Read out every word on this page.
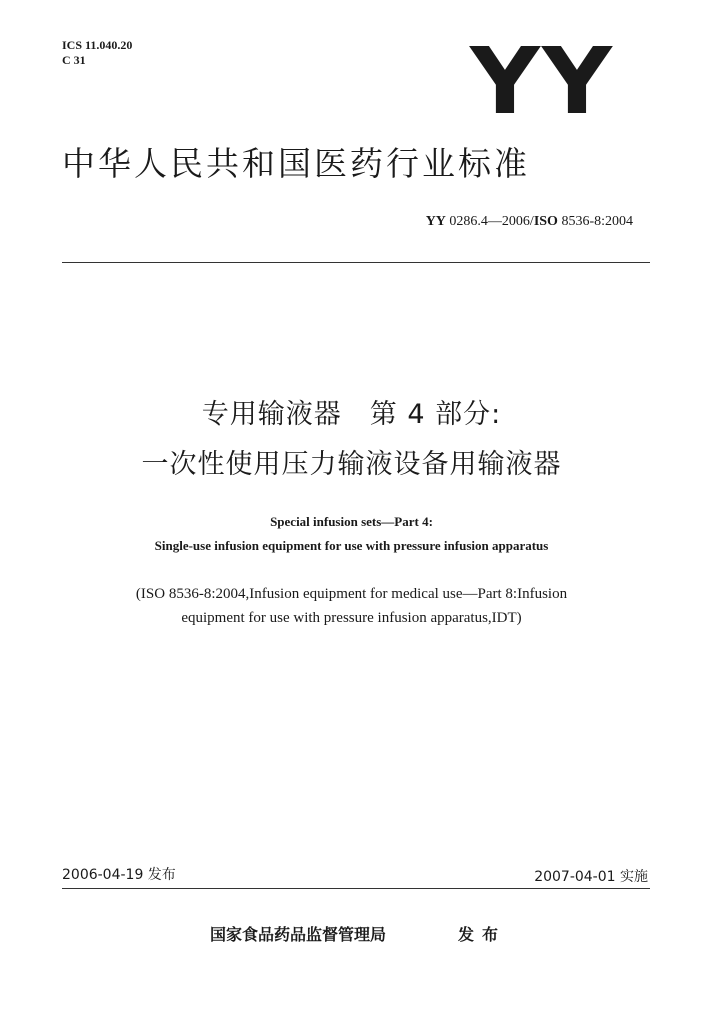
ICS 11.040.20
C 31	YY
中华人民共和国医药行业标准
YY 0286.4—2006/ISO 8536-8:2004
专用输液器　第 4 部分:
一次性使用压力输液设备用输液器
Special infusion sets—Part 4:
Single-use infusion equipment for use with pressure infusion apparatus
(ISO 8536-8:2004,Infusion equipment for medical use—Part 8:Infusion
equipment for use with pressure infusion apparatus,IDT)
2006-04-19 发布	2007-04-01 实施
国家食品药品监督管理局	发布
